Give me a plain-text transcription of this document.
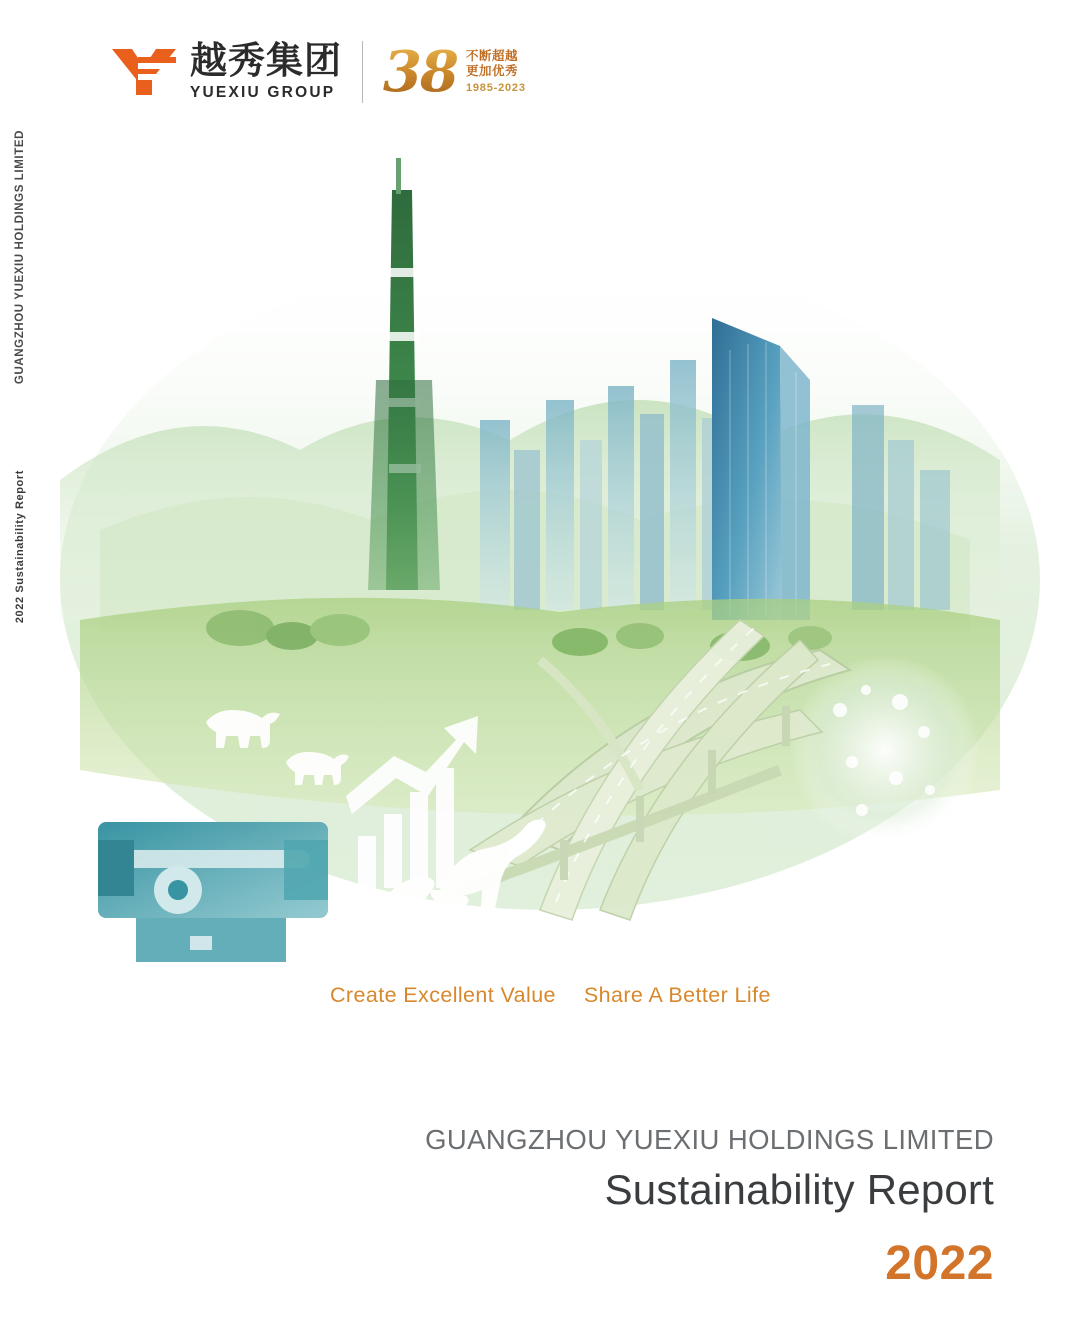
GUANGZHOU YUEXIU HOLDINGS LIMITED
2022 Sustainability Report
越秀集团
YUEXIU GROUP 38 不断超越
更加优秀
1985-2023
Create Excellent Value Share A Better Life
GUANGZHOU YUEXIU HOLDINGS LIMITED
Sustainability Report
2022
